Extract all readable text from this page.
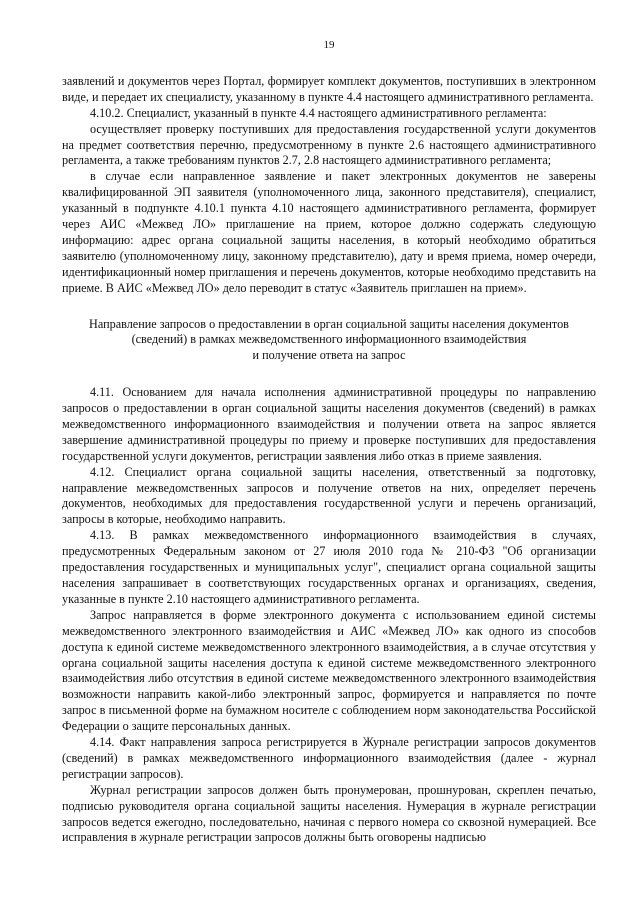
19

заявлений и документов через Портал, формирует комплект документов, поступивших в электронном виде, и передает их специалисту, указанному в пункте 4.4 настоящего административного регламента.

4.10.2. Специалист, указанный в пункте 4.4 настоящего административного регламента:

осуществляет проверку поступивших для предоставления государственной услуги документов на предмет соответствия перечню, предусмотренному в пункте 2.6 настоящего административного регламента, а также требованиям пунктов 2.7, 2.8 настоящего административного регламента;

в случае если направленное заявление и пакет электронных документов не заверены квалифицированной ЭП заявителя (уполномоченного лица, законного представителя), специалист, указанный в подпункте 4.10.1 пункта 4.10 настоящего административного регламента, формирует через АИС «Межвед ЛО» приглашение на прием, которое должно содержать следующую информацию: адрес органа социальной защиты населения, в который необходимо обратиться заявителю (уполномоченному лицу, законному представителю), дату и время приема, номер очереди, идентификационный номер приглашения и перечень документов, которые необходимо представить на приеме. В АИС «Межвед ЛО» дело переводит в статус «Заявитель приглашен на прием».

Направление запросов о предоставлении в орган социальной защиты населения документов
(сведений) в рамках межведомственного информационного взаимодействия
и получение ответа на запрос

4.11. Основанием для начала исполнения административной процедуры по направлению запросов о предоставлении в орган социальной защиты населения документов (сведений) в рамках межведомственного информационного взаимодействия и получении ответа на запрос является завершение административной процедуры по приему и проверке поступивших для предоставления государственной услуги документов, регистрации заявления либо отказ в приеме заявления.

4.12. Специалист органа социальной защиты населения, ответственный за подготовку, направление межведомственных запросов и получение ответов на них, определяет перечень документов, необходимых для предоставления государственной услуги и перечень организаций, запросы в которые, необходимо направить.

4.13. В рамках межведомственного информационного взаимодействия в случаях, предусмотренных Федеральным законом от 27 июля 2010 года № 210-ФЗ "Об организации предоставления государственных и муниципальных услуг", специалист органа социальной защиты населения запрашивает в соответствующих государственных органах и организациях, сведения, указанные в пункте 2.10 настоящего административного регламента.

Запрос направляется в форме электронного документа с использованием единой системы межведомственного электронного взаимодействия и АИС «Межвед ЛО» как одного из способов доступа к единой системе межведомственного электронного взаимодействия, а в случае отсутствия у органа социальной защиты населения доступа к единой системе межведомственного электронного взаимодействия либо отсутствия в единой системе межведомственного электронного взаимодействия возможности направить какой-либо электронный запрос, формируется и направляется по почте запрос в письменной форме на бумажном носителе с соблюдением норм законодательства Российской Федерации о защите персональных данных.

4.14. Факт направления запроса регистрируется в Журнале регистрации запросов документов (сведений) в рамках межведомственного информационного взаимодействия (далее - журнал регистрации запросов).

Журнал регистрации запросов должен быть пронумерован, прошнурован, скреплен печатью, подписью руководителя органа социальной защиты населения. Нумерация в журнале регистрации запросов ведется ежегодно, последовательно, начиная с первого номера со сквозной нумерацией. Все исправления в журнале регистрации запросов должны быть оговорены надписью
